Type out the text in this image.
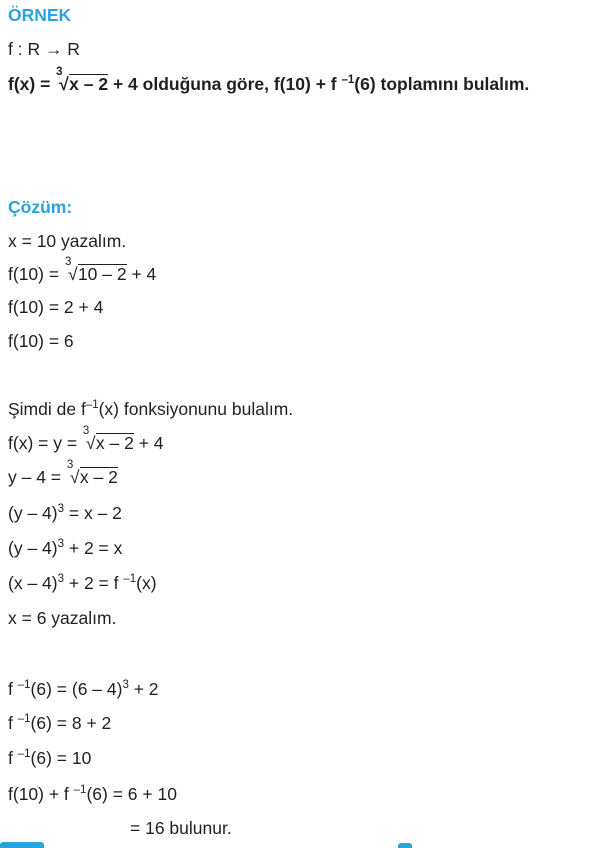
ÖRNEK
f : R → R
f(x) =
3
√ x – 2 + 4 olduğuna göre, f(10) + f $^{-1}$(6) toplamını bulalım.
Çözüm:
x = 10 yazalım.
f(10) =
3
√ 10 – 2 + 4
f(10) = 2 + 4
f(10) = 6
Şimdi de $f^{-1}(x)$ fonksiyonunu bulalım.
f(x) = y =
3
√ x – 2 + 4
y – 4 =
3
√ x – 2
(y – 4)$^3$ = x – 2
(y – 4)$^3$ + 2 = x
(x – 4)$^3$ + 2 = f $^{-1}$(x)
x = 6 yazalım.
f $^{-1}$(6) = (6 – 4)$^3$ + 2
f $^{-1}$(6) = 8 + 2
f $^{-1}$(6) = 10
f(10) + f $^{-1}$(6) = 6 + 10
= 16 bulunur.
